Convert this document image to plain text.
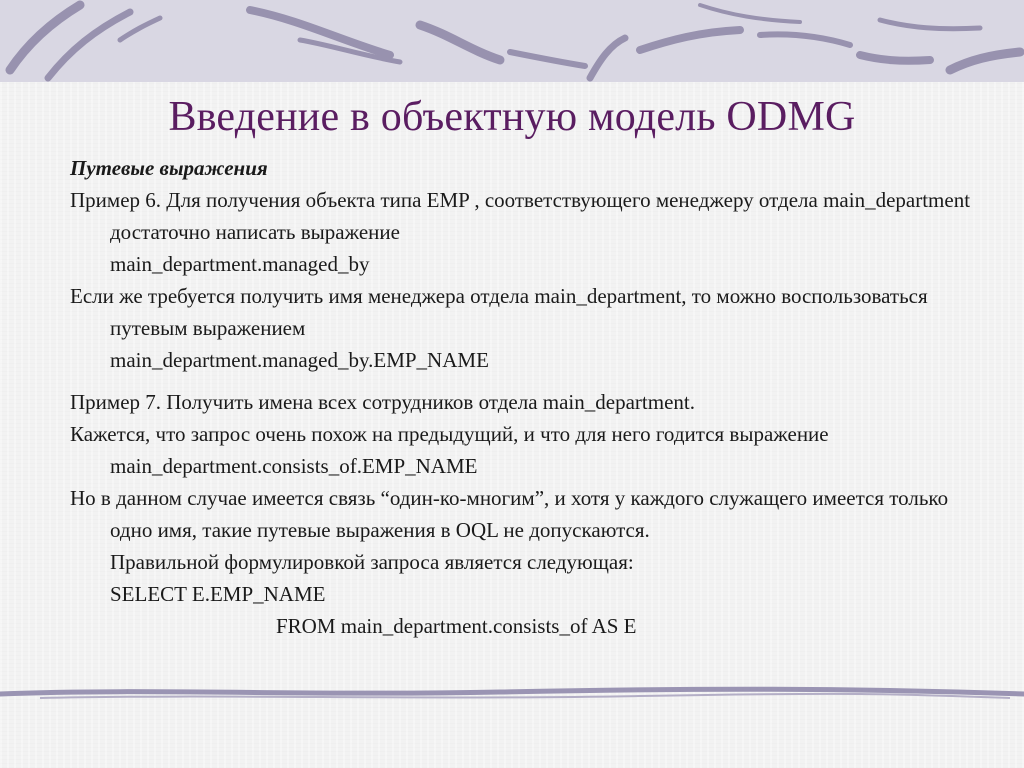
Введение в объектную модель ODMG
Путевые выражения
Пример 6. Для получения объекта типа EMP , соответствующего менеджеру отдела main_department достаточно написать выражение
main_department.managed_by
Если же требуется получить имя менеджера отдела main_department, то можно воспользоваться путевым выражением
main_department.managed_by.EMP_NAME
Пример 7. Получить имена всех сотрудников отдела main_department.
Кажется, что запрос очень похож на предыдущий, и что для него годится выражение
main_department.consists_of.EMP_NAME
Но в данном случае имеется связь “один-ко-многим”, и хотя у каждого служащего имеется только одно имя, такие путевые выражения в OQL не допускаются.
Правильной формулировкой запроса является следующая:
SELECT E.EMP_NAME
FROM main_department.consists_of AS E
